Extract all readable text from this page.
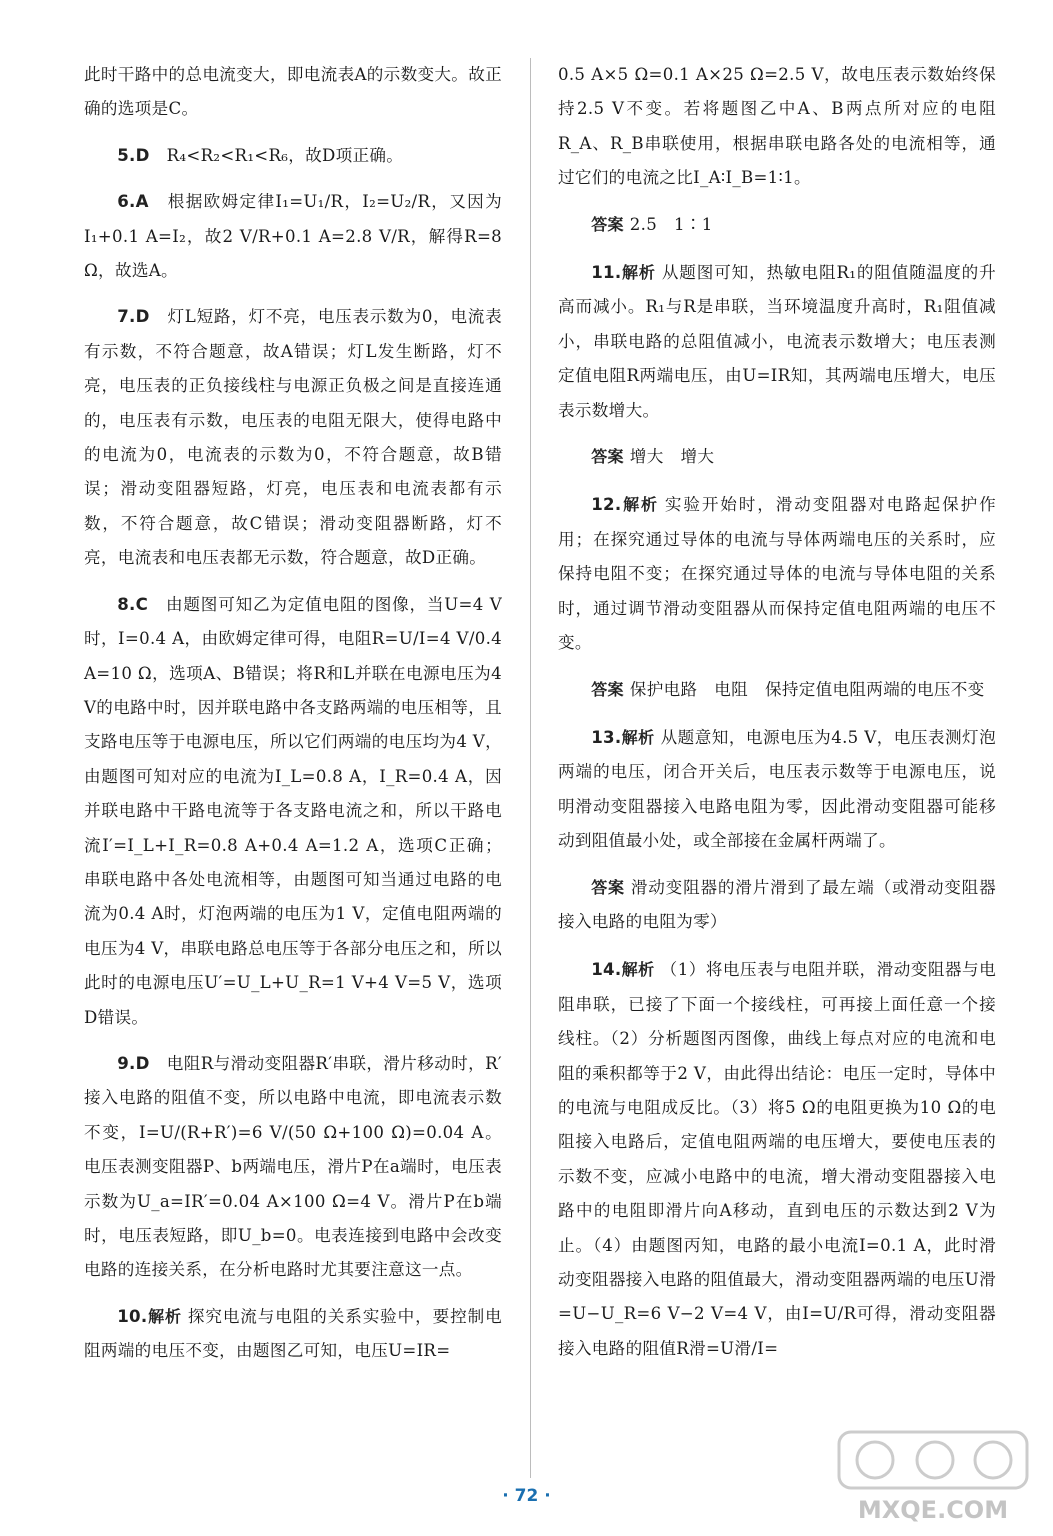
此时干路中的总电流变大，即电流表A的示数变大。故正确的选项是C。

5.D　 R₄<R₂<R₁<R₆，故D项正确。

6.A　 根据欧姆定律I₁=U₁/R，I₂=U₂/R，又因为I₁+0.1 A=I₂，故2 V/R+0.1 A=2.8 V/R，解得R=8 Ω，故选A。

7.D　 灯L短路，灯不亮，电压表示数为0，电流表有示数，不符合题意，故A错误；灯L发生断路，灯不亮，电压表的正负接线柱与电源正负极之间是直接连通的，电压表有示数，电压表的电阻无限大，使得电路中的电流为0，电流表的示数为0，不符合题意，故B错误；滑动变阻器短路，灯亮，电压表和电流表都有示数，不符合题意，故C错误；滑动变阻器断路，灯不亮，电流表和电压表都无示数，符合题意，故D正确。

8.C　 由题图可知乙为定值电阻的图像，当U=4 V时，I=0.4 A，由欧姆定律可得，电阻R=U/I=4 V/0.4 A=10 Ω，选项A、B错误；将R和L并联在电源电压为4 V的电路中时，因并联电路中各支路两端的电压相等，且支路电压等于电源电压，所以它们两端的电压均为4 V，由题图可知对应的电流为I_L=0.8 A，I_R=0.4 A，因并联电路中干路电流等于各支路电流之和，所以干路电流I′=I_L+I_R=0.8 A+0.4 A=1.2 A，选项C正确；串联电路中各处电流相等，由题图可知当通过电路的电流为0.4 A时，灯泡两端的电压为1 V，定值电阻两端的电压为4 V，串联电路总电压等于各部分电压之和，所以此时的电源电压U′=U_L+U_R=1 V+4 V=5 V，选项D错误。

9.D　 电阻R与滑动变阻器R′串联，滑片移动时，R′接入电路的阻值不变，所以电路中电流，即电流表示数不变，I=U/(R+R′)=6 V/(50 Ω+100 Ω)=0.04 A。电压表测变阻器P、b两端电压，滑片P在a端时，电压表示数为U_a=IR′=0.04 A×100 Ω=4 V。滑片P在b端时，电压表短路，即U_b=0。电表连接到电路中会改变电路的连接关系，在分析电路时尤其要注意这一点。

10.解析 探究电流与电阻的关系实验中，要控制电阻两端的电压不变，由题图乙可知，电压U=IR=

0.5 A×5 Ω=0.1 A×25 Ω=2.5 V，故电压表示数始终保持2.5 V不变。若将题图乙中A、B两点所对应的电阻R_A、R_B串联使用，根据串联电路各处的电流相等，通过它们的电流之比I_A∶I_B=1∶1。

答案 2.5　1∶1

11.解析 从题图可知，热敏电阻R₁的阻值随温度的升高而减小。R₁与R是串联，当环境温度升高时，R₁阻值减小，串联电路的总阻值减小，电流表示数增大；电压表测定值电阻R两端电压，由U=IR知，其两端电压增大，电压表示数增大。

答案 增大　增大

12.解析 实验开始时，滑动变阻器对电路起保护作用；在探究通过导体的电流与导体两端电压的关系时，应保持电阻不变；在探究通过导体的电流与导体电阻的关系时，通过调节滑动变阻器从而保持定值电阻两端的电压不变。

答案 保护电路　电阻　保持定值电阻两端的电压不变

13.解析 从题意知，电源电压为4.5 V，电压表测灯泡两端的电压，闭合开关后，电压表示数等于电源电压，说明滑动变阻器接入电路电阻为零，因此滑动变阻器可能移动到阻值最小处，或全部接在金属杆两端了。

答案 滑动变阻器的滑片滑到了最左端（或滑动变阻器接入电路的电阻为零）

14.解析 （1）将电压表与电阻并联，滑动变阻器与电阻串联，已接了下面一个接线柱，可再接上面任意一个接线柱。（2）分析题图丙图像，曲线上每点对应的电流和电阻的乘积都等于2 V，由此得出结论：电压一定时，导体中的电流与电阻成反比。（3）将5 Ω的电阻更换为10 Ω的电阻接入电路后，定值电阻两端的电压增大，要使电压表的示数不变，应减小电路中的电流，增大滑动变阻器接入电路中的电阻即滑片向A移动，直到电压的示数达到2 V为止。（4）由题图丙知，电路的最小电流I=0.1 A，此时滑动变阻器接入电路的阻值最大，滑动变阻器两端的电压U滑=U−U_R=6 V−2 V=4 V，由I=U/R可得，滑动变阻器接入电路的阻值R滑=U滑/I=

· 72 ·	MXQE.COM
